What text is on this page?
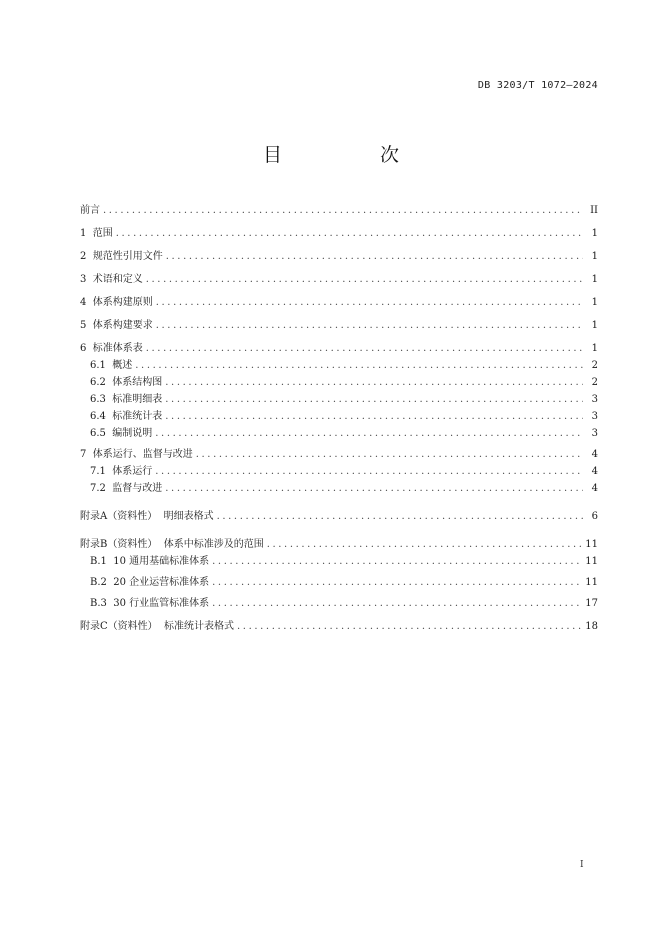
DB 3203/T 1072—2024
目 次
前言 .....	II
1 范围 .....	1
2 规范性引用文件 .....	1
3 术语和定义 .....	1
4 体系构建原则 .....	1
5 体系构建要求 .....	1
6 标准体系表 .....	1
6.1 概述 .....	2
6.2 体系结构图 .....	2
6.3 标准明细表 .....	3
6.4 标准统计表 .....	3
6.5 编制说明 .....	3
7 体系运行、监督与改进 .....	4
7.1 体系运行 .....	4
7.2 监督与改进 .....	4
附录A（资料性）  明细表格式 .....	6
附录B（资料性）  体系中标准涉及的范围 .....	11
B.1 10 通用基础标准体系 .....	11
B.2 20 企业运营标准体系 .....	11
B.3 30 行业监管标准体系 .....	17
附录C（资料性）  标准统计表格式 .....	18
I
